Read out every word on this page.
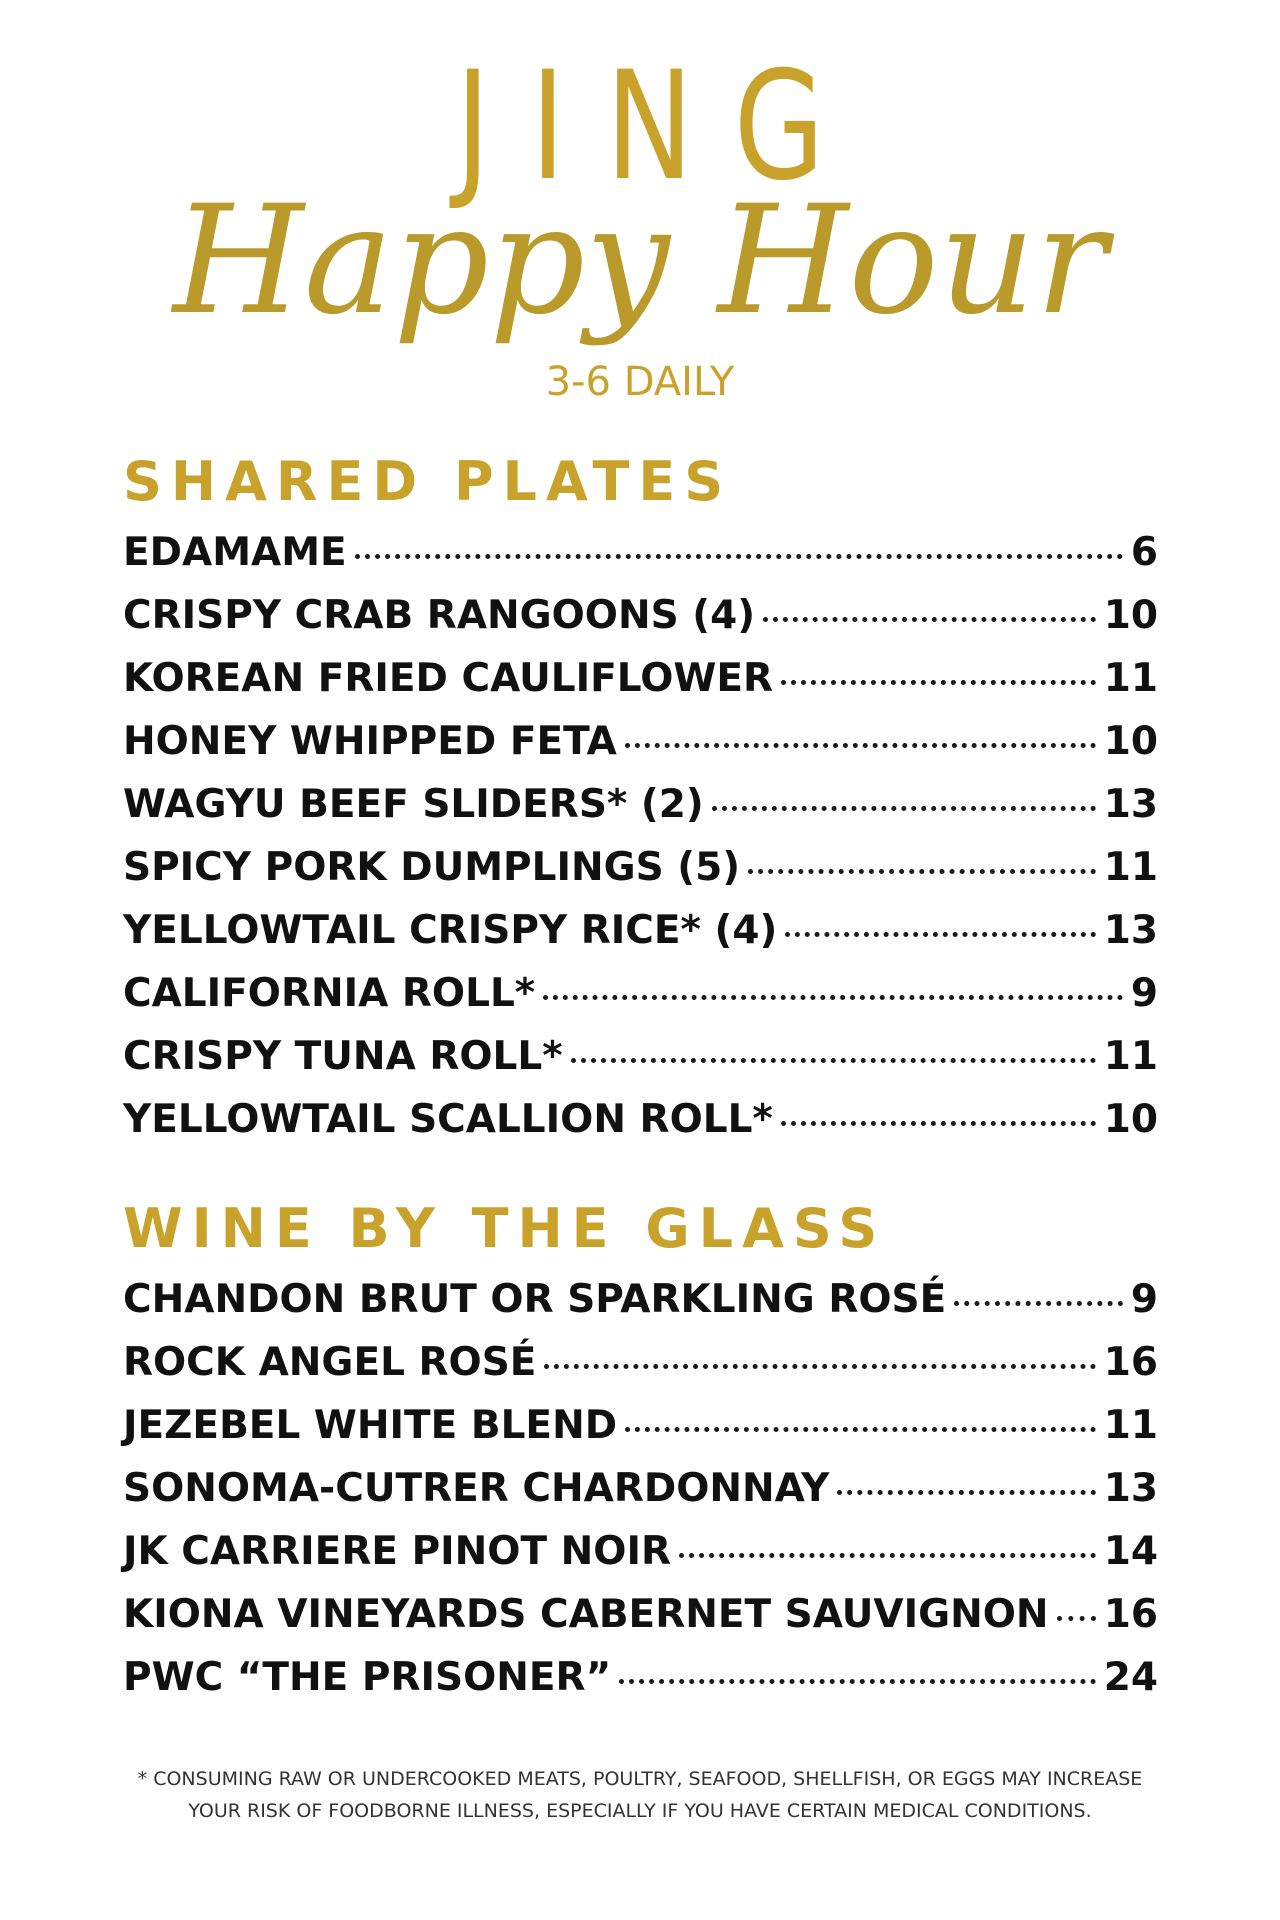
JING
Happy Hour
3-6 DAILY
SHARED PLATES
EDAMAME	6
CRISPY CRAB RANGOONS (4)	10
KOREAN FRIED CAULIFLOWER	11
HONEY WHIPPED FETA	10
WAGYU BEEF SLIDERS* (2)	13
SPICY PORK DUMPLINGS (5)	11
YELLOWTAIL CRISPY RICE* (4)	13
CALIFORNIA ROLL*	9
CRISPY TUNA ROLL*	11
YELLOWTAIL SCALLION ROLL*	10
WINE BY THE GLASS
CHANDON BRUT OR SPARKLING ROSÉ	9
ROCK ANGEL ROSÉ	16
JEZEBEL WHITE BLEND	11
SONOMA-CUTRER CHARDONNAY	13
JK CARRIERE PINOT NOIR	14
KIONA VINEYARDS CABERNET SAUVIGNON 16
PWC “THE PRISONER”	24
* CONSUMING RAW OR UNDERCOOKED MEATS, POULTRY, SEAFOOD, SHELLFISH, OR EGGS MAY INCREASE
YOUR RISK OF FOODBORNE ILLNESS, ESPECIALLY IF YOU HAVE CERTAIN MEDICAL CONDITIONS.
